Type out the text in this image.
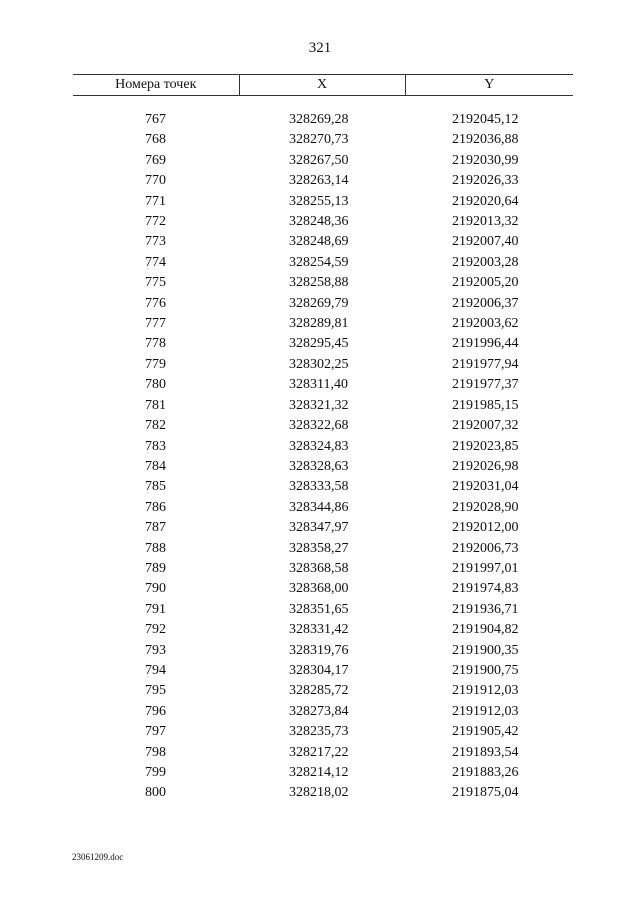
321
Номера точек	X	Y

767	328269,28	2192045,12
768	328270,73	2192036,88
769	328267,50	2192030,99
770	328263,14	2192026,33
771	328255,13	2192020,64
772	328248,36	2192013,32
773	328248,69	2192007,40
774	328254,59	2192003,28
775	328258,88	2192005,20
776	328269,79	2192006,37
777	328289,81	2192003,62
778	328295,45	2191996,44
779	328302,25	2191977,94
780	328311,40	2191977,37
781	328321,32	2191985,15
782	328322,68	2192007,32
783	328324,83	2192023,85
784	328328,63	2192026,98
785	328333,58	2192031,04
786	328344,86	2192028,90
787	328347,97	2192012,00
788	328358,27	2192006,73
789	328368,58	2191997,01
790	328368,00	2191974,83
791	328351,65	2191936,71
792	328331,42	2191904,82
793	328319,76	2191900,35
794	328304,17	2191900,75
795	328285,72	2191912,03
796	328273,84	2191912,03
797	328235,73	2191905,42
798	328217,22	2191893,54
799	328214,12	2191883,26
800	328218,02	2191875,04
23061209.doc
